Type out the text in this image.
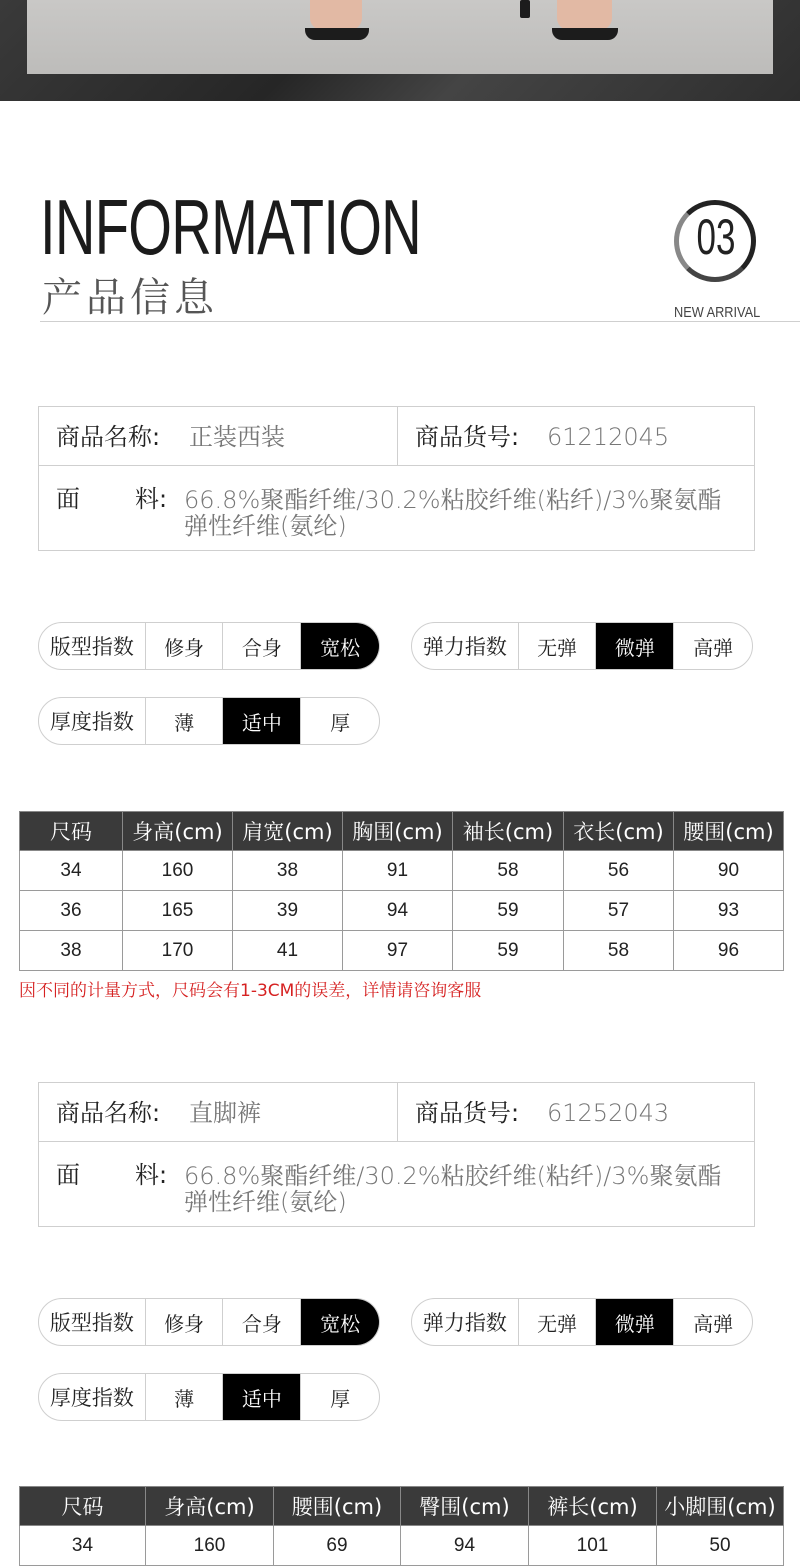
INFORMATION
产品信息
03
NEW ARRIVAL
商品名称: 正装西装	商品货号: 61212045
面 料: 66.8%聚酯纤维/30.2%粘胶纤维(粘纤)/3%聚氨酯弹性纤维(氨纶)
版型指数	修身	合身	宽松	弹力指数	无弹	微弹	高弹
厚度指数	薄	适中	厚
尺码	身高(cm)	肩宽(cm)	胸围(cm)	袖长(cm)	衣长(cm)	腰围(cm)
34	160	38	91	58	56	90
36	165	39	94	59	57	93
38	170	41	97	59	58	96
因不同的计量方式，尺码会有1-3CM的误差，详情请咨询客服
商品名称: 直脚裤	商品货号: 61252043
面 料: 66.8%聚酯纤维/30.2%粘胶纤维(粘纤)/3%聚氨酯弹性纤维(氨纶)
版型指数	修身	合身	宽松	弹力指数	无弹	微弹	高弹
厚度指数	薄	适中	厚
尺码	身高(cm)	腰围(cm)	臀围(cm)	裤长(cm)	小脚围(cm)
34	160	69	94	101	50
